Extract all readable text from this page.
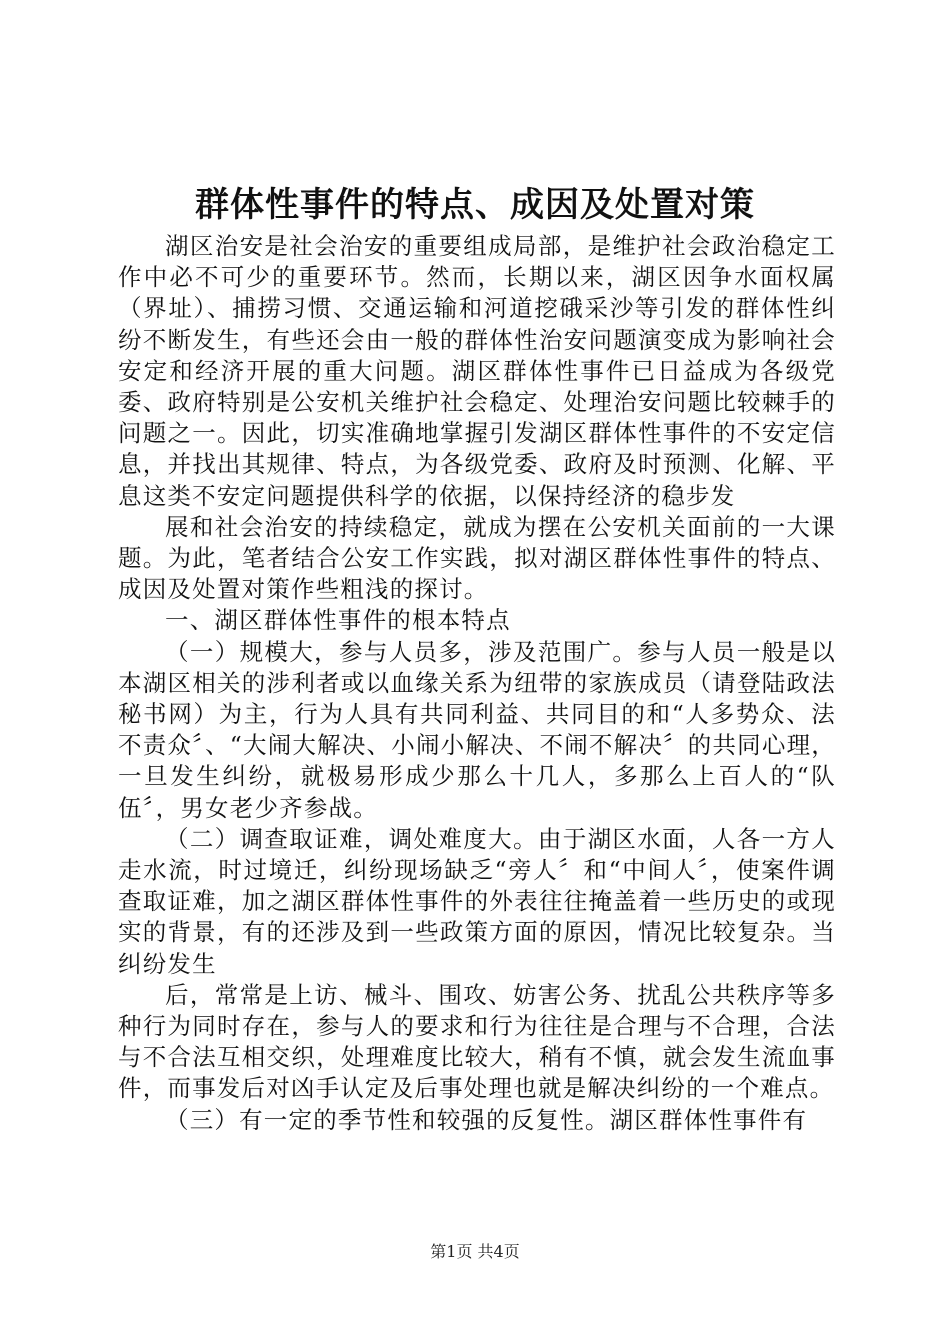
群体性事件的特点、成因及处置对策

湖区治安是社会治安的重要组成局部，是维护社会政治稳定工作中必不可少的重要环节。然而，长期以来，湖区因争水面权属（界址）、捕捞习惯、交通运输和河道挖硪采沙等引发的群体性纠纷不断发生，有些还会由一般的群体性治安问题演变成为影响社会安定和经济开展的重大问题。湖区群体性事件已日益成为各级党委、政府特别是公安机关维护社会稳定、处理治安问题比较棘手的问题之一。因此，切实准确地掌握引发湖区群体性事件的不安定信息，并找出其规律、特点，为各级党委、政府及时预测、化解、平息这类不安定问题提供科学的依据，以保持经济的稳步发

展和社会治安的持续稳定，就成为摆在公安机关面前的一大课题。为此，笔者结合公安工作实践，拟对湖区群体性事件的特点、成因及处置对策作些粗浅的探讨。

一、湖区群体性事件的根本特点

（一）规模大，参与人员多，涉及范围广。参与人员一般是以本湖区相关的涉利者或以血缘关系为纽带的家族成员（请登陆政法秘书网）为主，行为人具有共同利益、共同目的和“人多势众、法不责众〞、“大闹大解决、小闹小解决、不闹不解决〞的共同心理，一旦发生纠纷，就极易形成少那么十几人，多那么上百人的“队伍〞，男女老少齐参战。

（二）调查取证难，调处难度大。由于湖区水面，人各一方人走水流，时过境迁，纠纷现场缺乏“旁人〞和“中间人〞，使案件调查取证难，加之湖区群体性事件的外表往往掩盖着一些历史的或现实的背景，有的还涉及到一些政策方面的原因，情况比较复杂。当纠纷发生

后，常常是上访、械斗、围攻、妨害公务、扰乱公共秩序等多种行为同时存在，参与人的要求和行为往往是合理与不合理，合法与不合法互相交织，处理难度比较大，稍有不慎，就会发生流血事件，而事发后对凶手认定及后事处理也就是解决纠纷的一个难点。

（三）有一定的季节性和较强的反复性。湖区群体性事件有

第1页 共4页
